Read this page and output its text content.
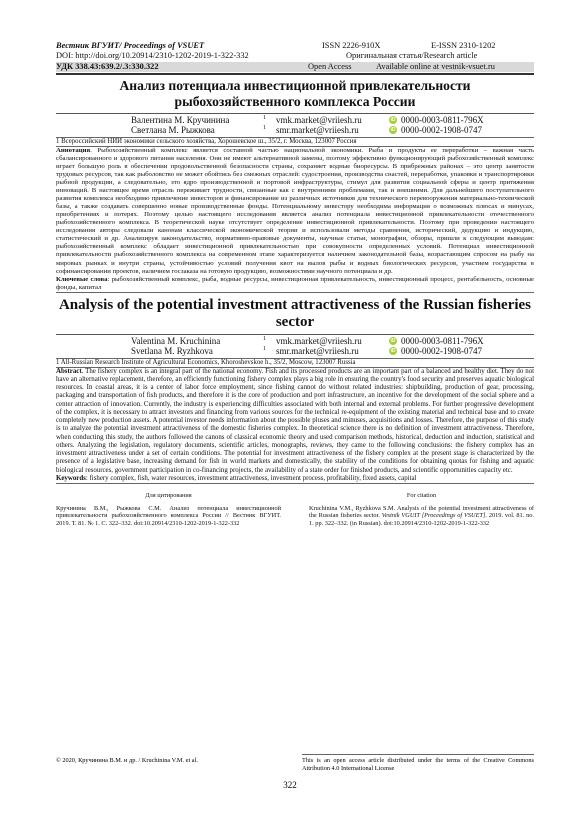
Вестник ВГУИТ/ Proceedings of VSUET	ISSN 2226-910X	E-ISSN 2310-1202
DOI: http://doi.org/10.20914/2310-1202-2019-1-322-332	Оригинальная статья/Research article
УДК 338.43:639.2/.3:330.322	Open Access	Available online at vestnik-vsuet.ru
Анализ потенциала инвестиционной привлекательности рыбохозяйственного комплекса России
Валентина М. Кручинина	1 vmk.market@vriiesh.ru	iD 0000-0003-0811-796X
Светлана М. Рыжкова	1 smr.market@vriiesh.ru	iD 0000-0002-1908-0747
1 Всероссийский НИИ экономики сельского хозяйства, Хорошевское ш., 35/2, г. Москва, 123007 Россия

Аннотация. Рыбохозяйственный комплекс является составной частью национальной экономики. Рыба и продукты ее переработки – важная часть сбалансированного и здорового питания населения. Они не имеют альтернативной замены, поэтому эффективно функционирующий рыбохозяйственный комплекс играет большую роль в обеспечении продовольственной безопасности страны, сохраняет водные биоресурсы. В прибрежных районах – это центр занятости трудовых ресурсов, так как рыболовство не может обойтись без смежных отраслей: судостроения, производства снастей, переработки, упаковки и транспортировки рыбной продукции, а следовательно, это ядро производственной и портовой инфраструктуры, стимул для развития социальной сферы и центр притяжения инноваций. В настоящее время отрасль переживает трудности, связанные как с внутренними проблемами, так и внешними. Для дальнейшего поступательного развития комплекса необходимо привлечение инвесторов и финансирование из различных источников для технического перевооружения материально-технической базы, а также создавать совершенно новые производственные фонды. Потенциальному инвестору необходима информация о возможных плюсах и минусах, приобретениях и потерях. Поэтому целью настоящего исследования является анализ потенциала инвестиционной привлекательности отечественного рыбохозяйственного комплекса. В теоретической науке отсутствует определение инвестиционной привлекательности. Поэтому при проведении настоящего исследования авторы следовали канонам классической экономической теории и использовали методы сравнения, исторический, дедукцию и индукцию, статистический и др. Анализируя законодательство, нормативно-правовые документы, научные статьи, монографии, обзоры, пришли к следующим выводам: рыбохозяйственный комплекс обладает инвестиционной привлекательностью при совокупности определенных условий. Потенциал инвестиционной привлекательности рыбохозяйственного комплекса на современном этапе характеризуется наличием законодательной базы, возрастающим спросом на рыбу на мировых рынках и внутри страны, устойчивостью условий получения квот на вылов рыбы и водных биологических ресурсов, участием государства в софинансировании проектов, наличием госзаказа на готовую продукцию, возможностями научного потенциала и др.

Ключевые слова: рыбохозяйственный комплекс, рыба, водные ресурсы, инвестиционная привлекательность, инвестиционный процесс, рентабельность, основные фонды, капитал
Analysis of the potential investment attractiveness of the Russian fisheries sector
Valentina M. Kruchinina	1 vmk.market@vriiesh.ru	iD 0000-0003-0811-796X
Svetlana M. Ryzhkova	1 smr.market@vriiesh.ru	iD 0000-0002-1908-0747
1 All-Russian Research Institute of Agricultural Economics, Khoroshevskoe h., 35/2, Moscow, 123007 Russia

Abstract. The fishery complex is an integral part of the national economy. Fish and its processed products are an important part of a balanced and healthy diet. They do not have an alternative replacement, therefore, an efficiently functioning fishery complex plays a big role in ensuring the country's food security and preserves aquatic biological resources. In coastal areas, it is a center of labor force employment, since fishing cannot do without related industries: shipbuilding, production of gear, processing, packaging and transportation of fish products, and therefore it is the core of production and port infrastructure, an incentive for the development of the social sphere and a center attraction of innovation. Currently, the industry is experiencing difficulties associated with both internal and external problems. For further progressive development of the complex, it is necessary to attract investors and financing from various sources for the technical re-equipment of the existing material and technical base and to create completely new production assets. A potential investor needs information about the possible pluses and minuses, acquisitions and losses. Therefore, the purpose of this study is to analyze the potential investment attractiveness of the domestic fisheries complex. In theoretical science there is no definition of investment attractiveness. Therefore, when conducting this study, the authors followed the canons of classical economic theory and used comparison methods, historical, deduction and induction, statistical and others. Analyzing the legislation, regulatory documents, scientific articles, monographs, reviews, they came to the following conclusions: the fishery complex has an investment attractiveness under a set of certain conditions. The potential for investment attractiveness of the fishery complex at the present stage is characterized by the presence of a legislative base, increasing demand for fish in world markets and domestically, the stability of the conditions for obtaining quotas for fishing and aquatic biological resources, government participation in co-financing projects, the availability of a state order for finished products, and scientific opportunities capacity etc.

Keywords: fishery complex, fish, water resources, investment attractiveness, investment process, profitability, fixed assets, capital
Для цитирования
Кручинина В.М., Рыжкова С.М. Анализ потенциала инвестиционной привлекательности рыбохозяйственного комплекса России // Вестник ВГУИТ. 2019. Т. 81. № 1. С. 322–332. doi:10.20914/2310-1202-2019-1-322-332
For citation
Kruchinina V.M., Ryzhkova S.M. Analysis of the potential investment attractiveness of the Russian fisheries sector. Vestnik VGUIT [Proceedings of VSUET]. 2019. vol. 81. no. 1. pp. 322–332. (in Russian). doi:10.20914/2310-1202-2019-1-322-332
© 2020, Кручинина В.М. и др. / Kruchinina V.M. et al.	This is an open access article distributed under the terms of the Creative Commons Attribution 4.0 International License
322
